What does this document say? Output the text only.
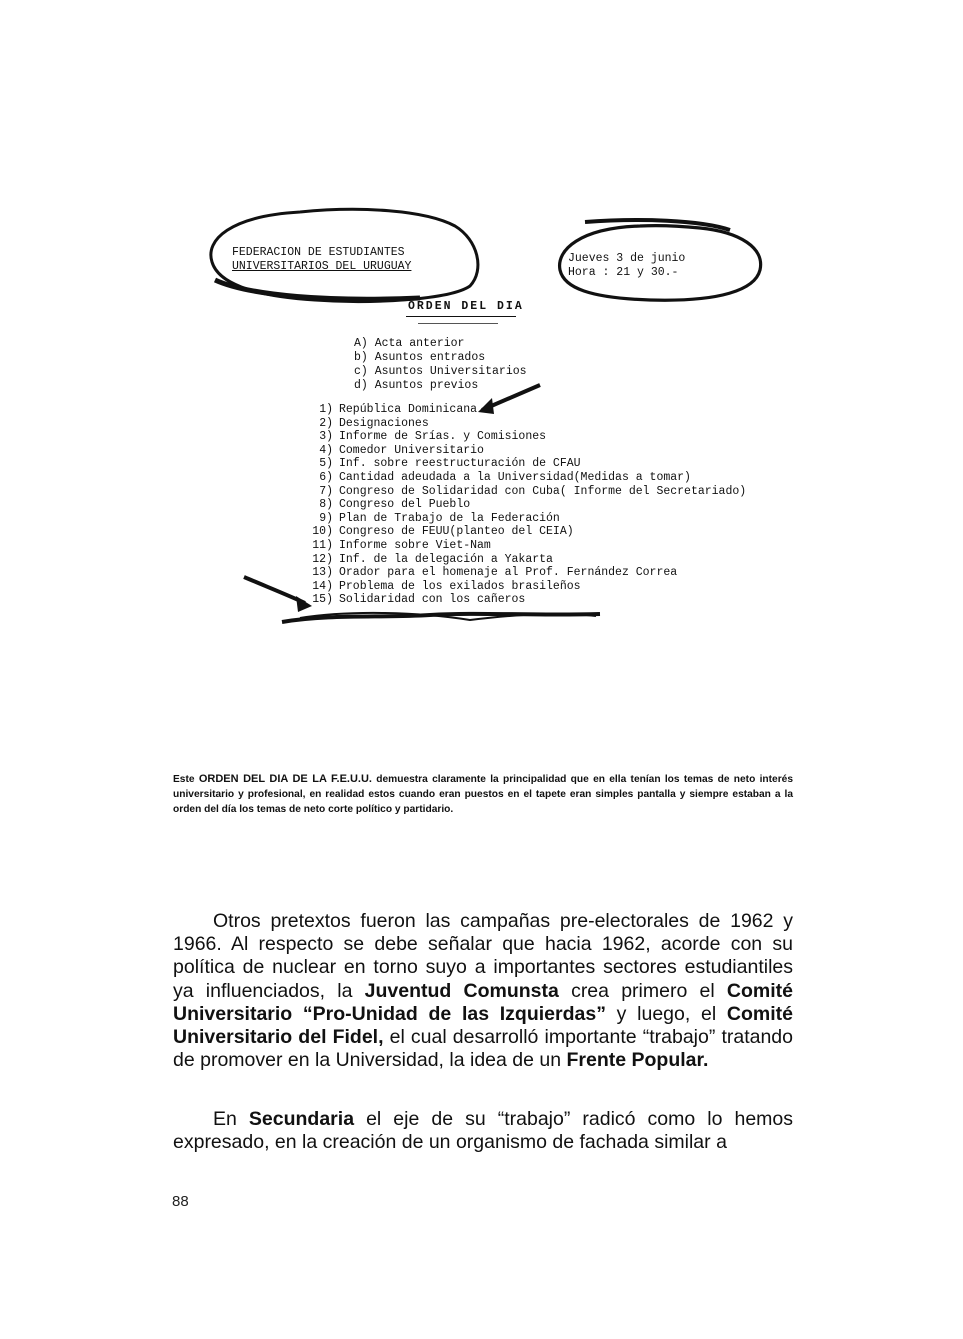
FEDERACION DE ESTUDIANTES
UNIVERSITARIOS DEL URUGUAY
Jueves 3 de junio
Hora : 21 y 30.-
ORDEN DEL DIA
A) Acta anterior
b) Asuntos entrados
c) Asuntos Universitarios
d) Asuntos previos
1) República Dominicana
2) Designaciones
3) Informe de Srías. y Comisiones
4) Comedor Universitario
5) Inf. sobre reestructuración de CFAU
6) Cantidad adeudada a la Universidad(Medidas a tomar)
7) Congreso de Solidaridad con Cuba( Informe del Secretariado)
8) Congreso del Pueblo
9) Plan de Trabajo de la Federación
10) Congreso de FEUU(planteo del CEIA)
11) Informe sobre Viet-Nam
12) Inf. de la delegación a Yakarta
13) Orador para el homenaje al Prof. Fernández Correa
14) Problema de los exilados brasileños
15) Solidaridad con los cañeros
Este ORDEN DEL DIA DE LA F.E.U.U. demuestra claramente la principalidad que en ella tenían los temas de neto interés universitario y profesional, en realidad estos cuando eran puestos en el tapete eran simples pantalla y siempre estaban a la orden del día los temas de neto corte político y partidario.
Otros pretextos fueron las campañas pre-electorales de 1962 y 1966. Al respecto se debe señalar que hacia 1962, acorde con su política de nuclear en torno suyo a importantes sectores estudiantiles ya influenciados, la Juventud Comunsta crea primero el Comité Universitario “Pro-Unidad de las Izquierdas” y luego, el Comité Universitario del Fidel, el cual desarrolló importante “trabajo” tratando de promover en la Universidad, la idea de un Frente Popular.
En Secundaria el eje de su “trabajo” radicó como lo hemos expresado, en la creación de un organismo de fachada similar a
88
